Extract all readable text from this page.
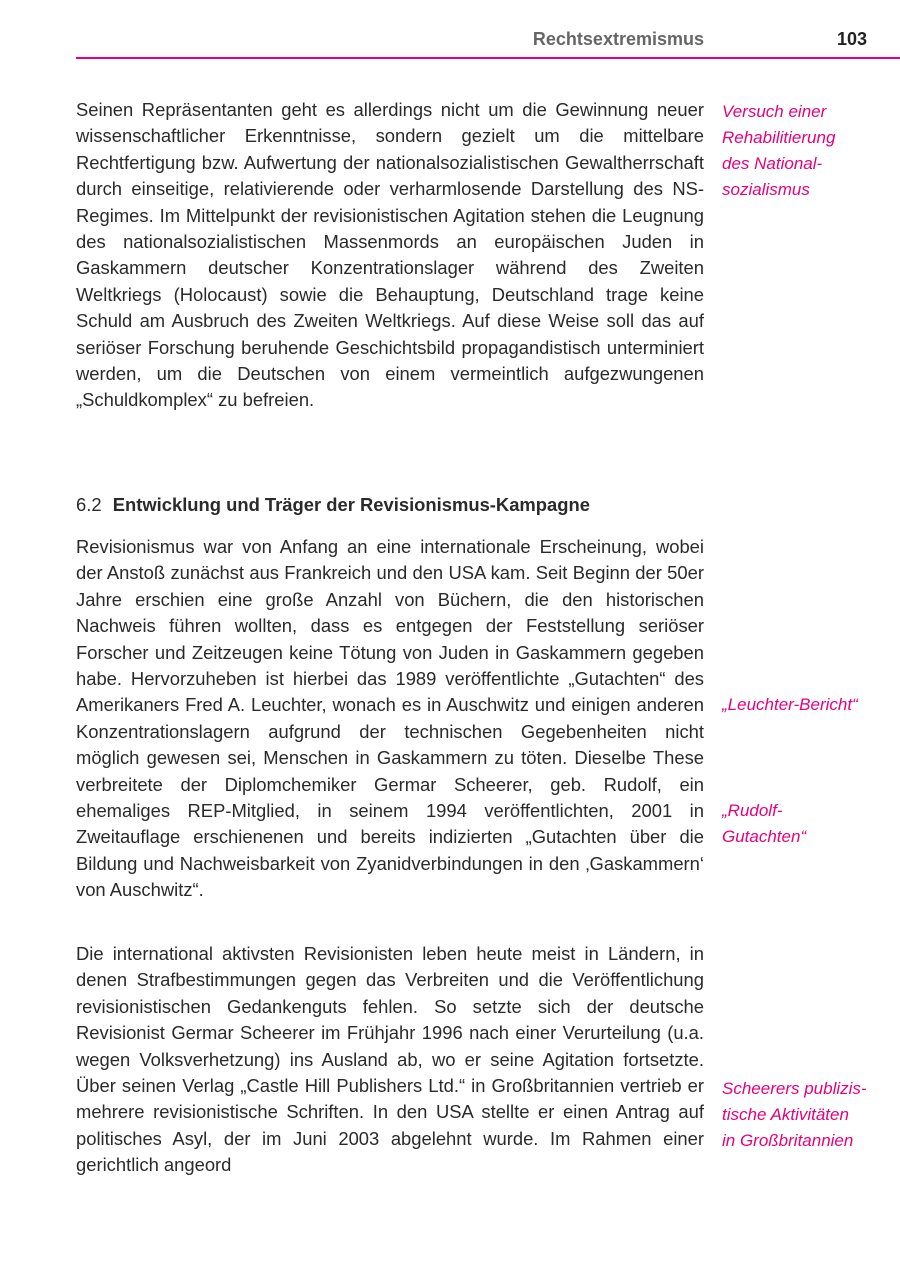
Rechtsextremismus	103

Seinen Repräsentanten geht es allerdings nicht um die Gewinnung neuer wissenschaftlicher Erkenntnisse, sondern gezielt um die mittelbare Rechtfertigung bzw. Aufwertung der nationalsozialistischen Gewaltherrschaft durch einseitige, relativierende oder verharmlosende Darstellung des NS-Regimes. Im Mittelpunkt der revisionistischen Agitation stehen die Leugnung des nationalsozialistischen Massenmords an europäischen Juden in Gaskammern deutscher Konzentrationslager während des Zweiten Weltkriegs (Holocaust) sowie die Behauptung, Deutschland trage keine Schuld am Ausbruch des Zweiten Weltkriegs. Auf diese Weise soll das auf seriöser Forschung beruhende Geschichtsbild propagandistisch unterminiert werden, um die Deutschen von einem vermeintlich aufgezwungenen „Schuldkomplex“ zu befreien.

6.2 Entwicklung und Träger der Revisionismus-Kampagne

Revisionismus war von Anfang an eine internationale Erscheinung, wobei der Anstoß zunächst aus Frankreich und den USA kam. Seit Beginn der 50er Jahre erschien eine große Anzahl von Büchern, die den historischen Nachweis führen wollten, dass es entgegen der Feststellung seriöser Forscher und Zeitzeugen keine Tötung von Juden in Gaskammern gegeben habe. Hervorzuheben ist hierbei das 1989 veröffentlichte „Gutachten“ des Amerikaners Fred A. Leuchter, wonach es in Auschwitz und einigen anderen Konzentrationslagern aufgrund der technischen Gegebenheiten nicht möglich gewesen sei, Menschen in Gaskammern zu töten. Dieselbe These verbreitete der Diplomchemiker Germar Scheerer, geb. Rudolf, ein ehemaliges REP-Mitglied, in seinem 1994 veröffentlichten, 2001 in Zweitauflage erschienenen und bereits indizierten „Gutachten über die Bildung und Nachweisbarkeit von Zyanidverbindungen in den ‚Gaskammern‘ von Auschwitz“.

Die international aktivsten Revisionisten leben heute meist in Ländern, in denen Strafbestimmungen gegen das Verbreiten und die Veröffentlichung revisionistischen Gedankenguts fehlen. So setzte sich der deutsche Revisionist Germar Scheerer im Frühjahr 1996 nach einer Verurteilung (u.a. wegen Volksverhetzung) ins Ausland ab, wo er seine Agitation fortsetzte. Über seinen Verlag „Castle Hill Publishers Ltd.“ in Großbritannien vertrieb er mehrere revisionistische Schriften. In den USA stellte er einen Antrag auf politisches Asyl, der im Juni 2003 abgelehnt wurde. Im Rahmen einer gerichtlich angeord

Versuch einer
Rehabilitierung
des National-
sozialismus
„Leuchter-Bericht“
„Rudolf-
Gutachten“
Scheerers publizis-
tische Aktivitäten
in Großbritannien
